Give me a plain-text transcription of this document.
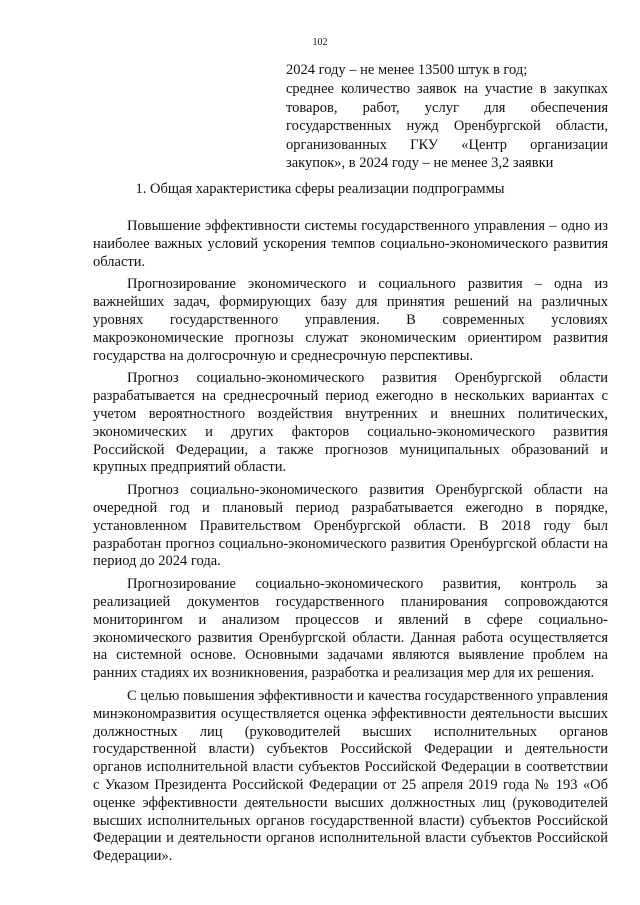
102
2024 году – не менее 13500 штук в год;
среднее количество заявок на участие в закупках товаров, работ, услуг для обеспечения государственных нужд Оренбургской области, организованных ГКУ «Центр организации закупок», в 2024 году – не менее 3,2 заявки
1. Общая характеристика сферы реализации подпрограммы

Повышение эффективности системы государственного управления – одно из наиболее важных условий ускорения темпов социально-экономического развития области.

Прогнозирование экономического и социального развития – одна из важнейших задач, формирующих базу для принятия решений на различных уровнях государственного управления. В современных условиях макроэкономические прогнозы служат экономическим ориентиром развития государства на долгосрочную и среднесрочную перспективы.

Прогноз социально-экономического развития Оренбургской области разрабатывается на среднесрочный период ежегодно в нескольких вариантах с учетом вероятностного воздействия внутренних и внешних политических, экономических и других факторов социально-экономического развития Российской Федерации, а также прогнозов муниципальных образований и крупных предприятий области.

Прогноз социально-экономического развития Оренбургской области на очередной год и плановый период разрабатывается ежегодно в порядке, установленном Правительством Оренбургской области. В 2018 году был разработан прогноз социально-экономического развития Оренбургской области на период до 2024 года.

Прогнозирование социально-экономического развития, контроль за реализацией документов государственного планирования сопровождаются мониторингом и анализом процессов и явлений в сфере социально-экономического развития Оренбургской области. Данная работа осуществляется на системной основе. Основными задачами являются выявление проблем на ранних стадиях их возникновения, разработка и реализация мер для их решения.

С целью повышения эффективности и качества государственного управления минэкономразвития осуществляется оценка эффективности деятельности высших должностных лиц (руководителей высших исполнительных органов государственной власти) субъектов Российской Федерации и деятельности органов исполнительной власти субъектов Российской Федерации в соответствии с Указом Президента Российской Федерации от 25 апреля 2019 года № 193 «Об оценке эффективности деятельности высших должностных лиц (руководителей высших исполнительных органов государственной власти) субъектов Российской Федерации и деятельности органов исполнительной власти субъектов Российской Федерации».
